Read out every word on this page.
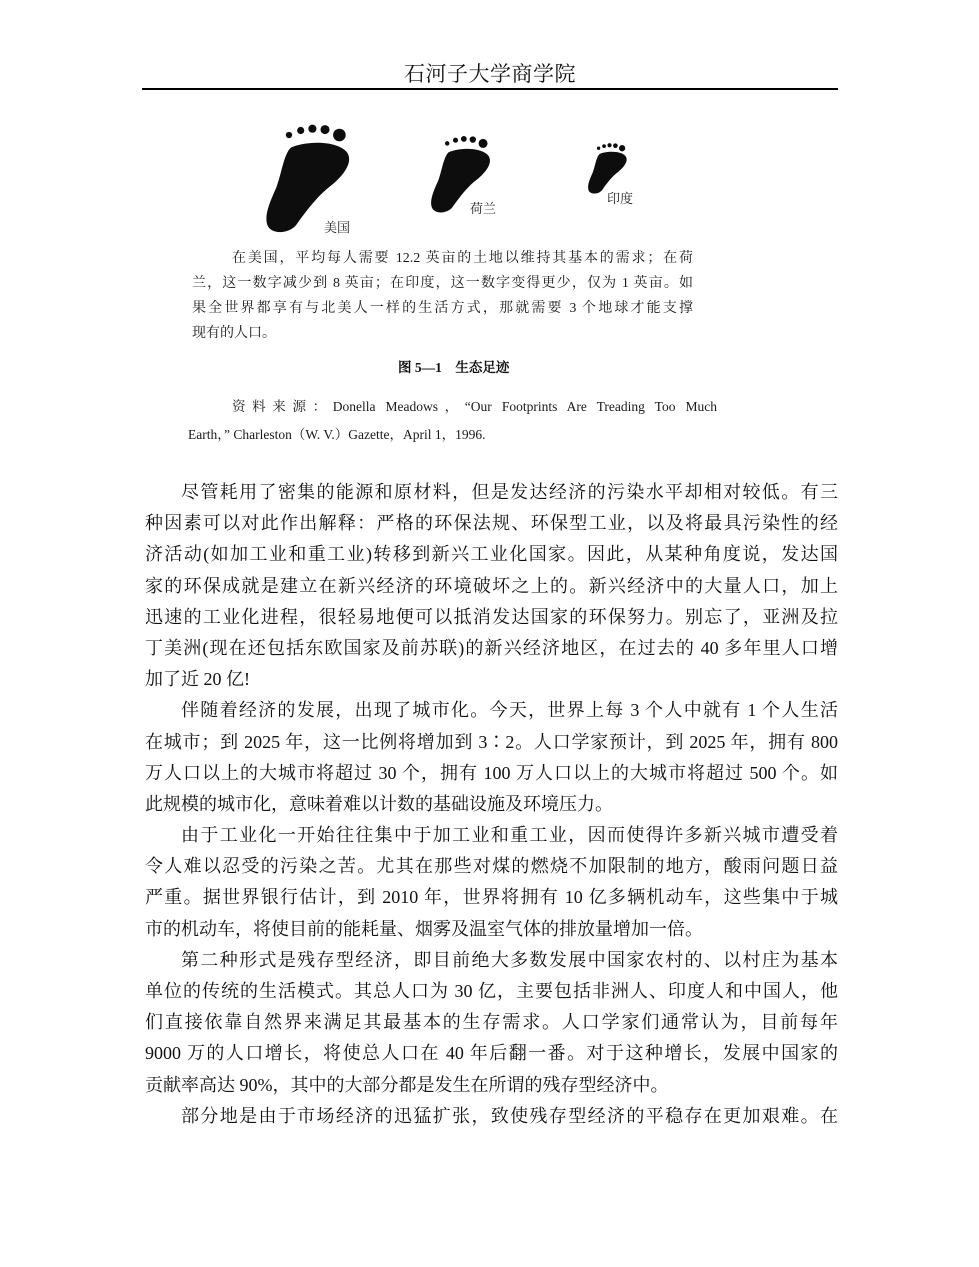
石河子大学商学院
美国
荷兰
印度
在美国，平均每人需要 12.2 英亩的土地以维持其基本的需求；在荷
兰，这一数字减少到 8 英亩；在印度，这一数字变得更少，仅为 1 英亩。如
果全世界都享有与北美人一样的生活方式，那就需要 3 个地球才能支撑
现有的人口。
图 5—1　生态足迹
资料来源：Donella Meadows，“Our Footprints Are Treading Too Much
Earth，” Charleston（W. V.）Gazette，April 1，1996.
尽管耗用了密集的能源和原材料，但是发达经济的污染水平却相对较低。有三
种因素可以对此作出解释：严格的环保法规、环保型工业，以及将最具污染性的经
济活动(如加工业和重工业)转移到新兴工业化国家。因此，从某种角度说，发达国
家的环保成就是建立在新兴经济的环境破坏之上的。新兴经济中的大量人口，加上
迅速的工业化进程，很轻易地便可以抵消发达国家的环保努力。别忘了，亚洲及拉
丁美洲(现在还包括东欧国家及前苏联)的新兴经济地区，在过去的 40 多年里人口增
加了近 20 亿!
伴随着经济的发展，出现了城市化。今天，世界上每 3 个人中就有 1 个人生活
在城市；到 2025 年，这一比例将增加到 3∶2。人口学家预计，到 2025 年，拥有 800
万人口以上的大城市将超过 30 个，拥有 100 万人口以上的大城市将超过 500 个。如
此规模的城市化，意味着难以计数的基础设施及环境压力。
由于工业化一开始往往集中于加工业和重工业，因而使得许多新兴城市遭受着
令人难以忍受的污染之苦。尤其在那些对煤的燃烧不加限制的地方，酸雨问题日益
严重。据世界银行估计，到 2010 年，世界将拥有 10 亿多辆机动车，这些集中于城
市的机动车，将使目前的能耗量、烟雾及温室气体的排放量增加一倍。
第二种形式是残存型经济，即目前绝大多数发展中国家农村的、以村庄为基本
单位的传统的生活模式。其总人口为 30 亿，主要包括非洲人、印度人和中国人，他
们直接依靠自然界来满足其最基本的生存需求。人口学家们通常认为，目前每年
9000 万的人口增长，将使总人口在 40 年后翻一番。对于这种增长，发展中国家的
贡献率高达 90%，其中的大部分都是发生在所谓的残存型经济中。
部分地是由于市场经济的迅猛扩张，致使残存型经济的平稳存在更加艰难。在
